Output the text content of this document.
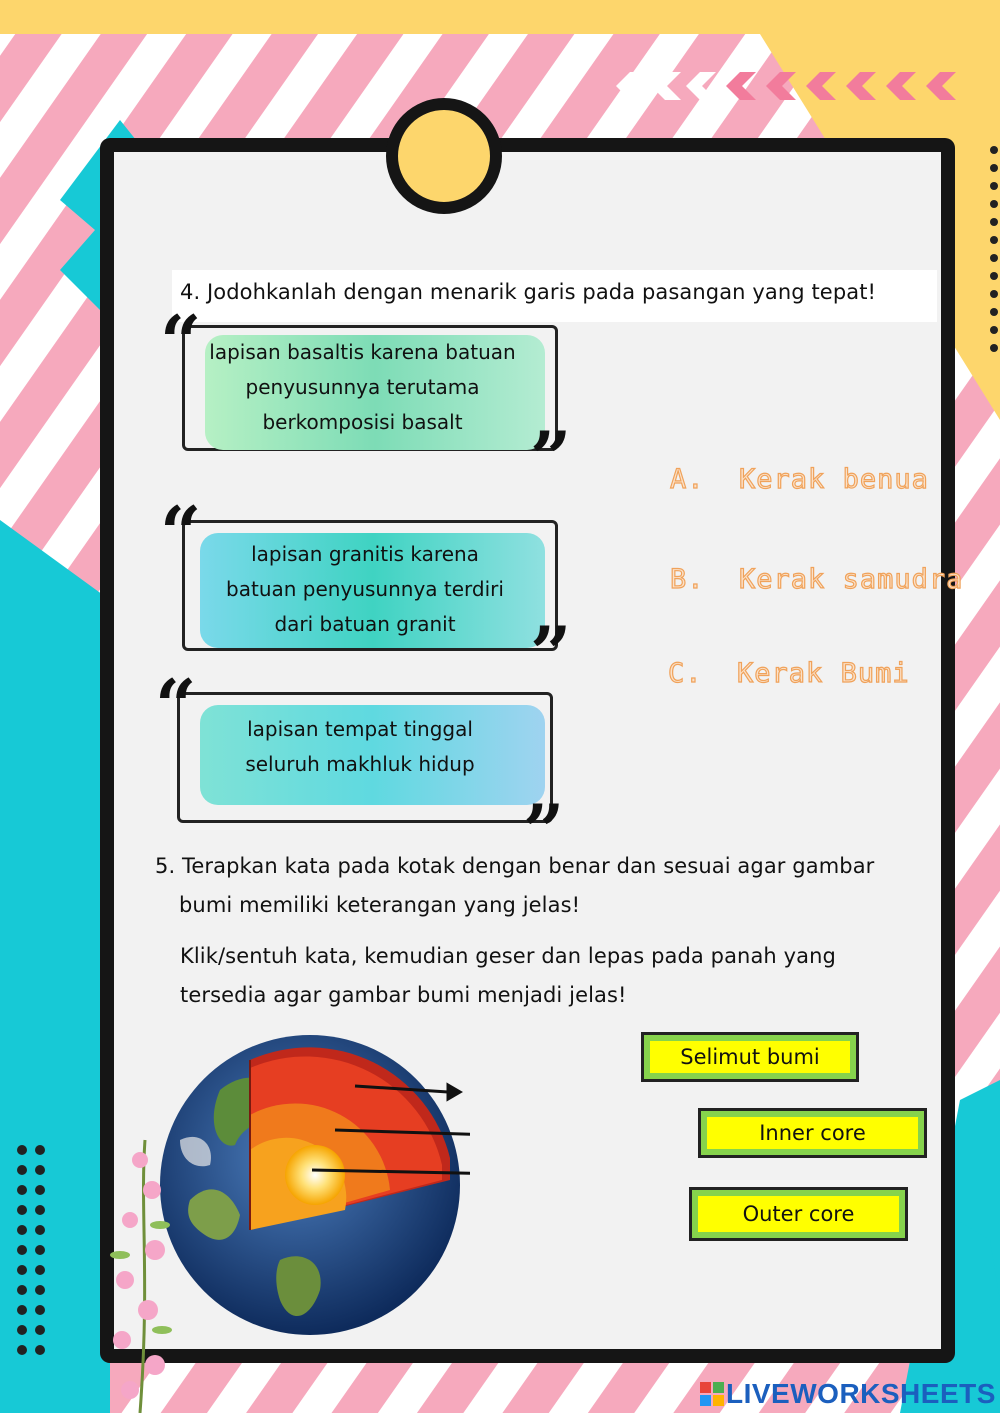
4. Jodohkanlah dengan menarik garis pada pasangan yang tepat!
lapisan basaltis karena batuan
penyusunnya terutama
berkomposisi basalt
“
”
lapisan granitis karena
batuan penyusunnya terdiri
dari batuan granit
“
”
lapisan tempat tinggal
seluruh makhluk hidup
“
”
A. Kerak benua
B. Kerak samudra
C. Kerak Bumi
5. Terapkan kata pada kotak dengan benar dan sesuai agar gambar
bumi memiliki keterangan yang jelas!
Klik/sentuh kata, kemudian geser dan lepas pada panah yang
tersedia agar gambar bumi menjadi jelas!
Selimut bumi
Inner core
Outer core
LIVEWORKSHEETS
